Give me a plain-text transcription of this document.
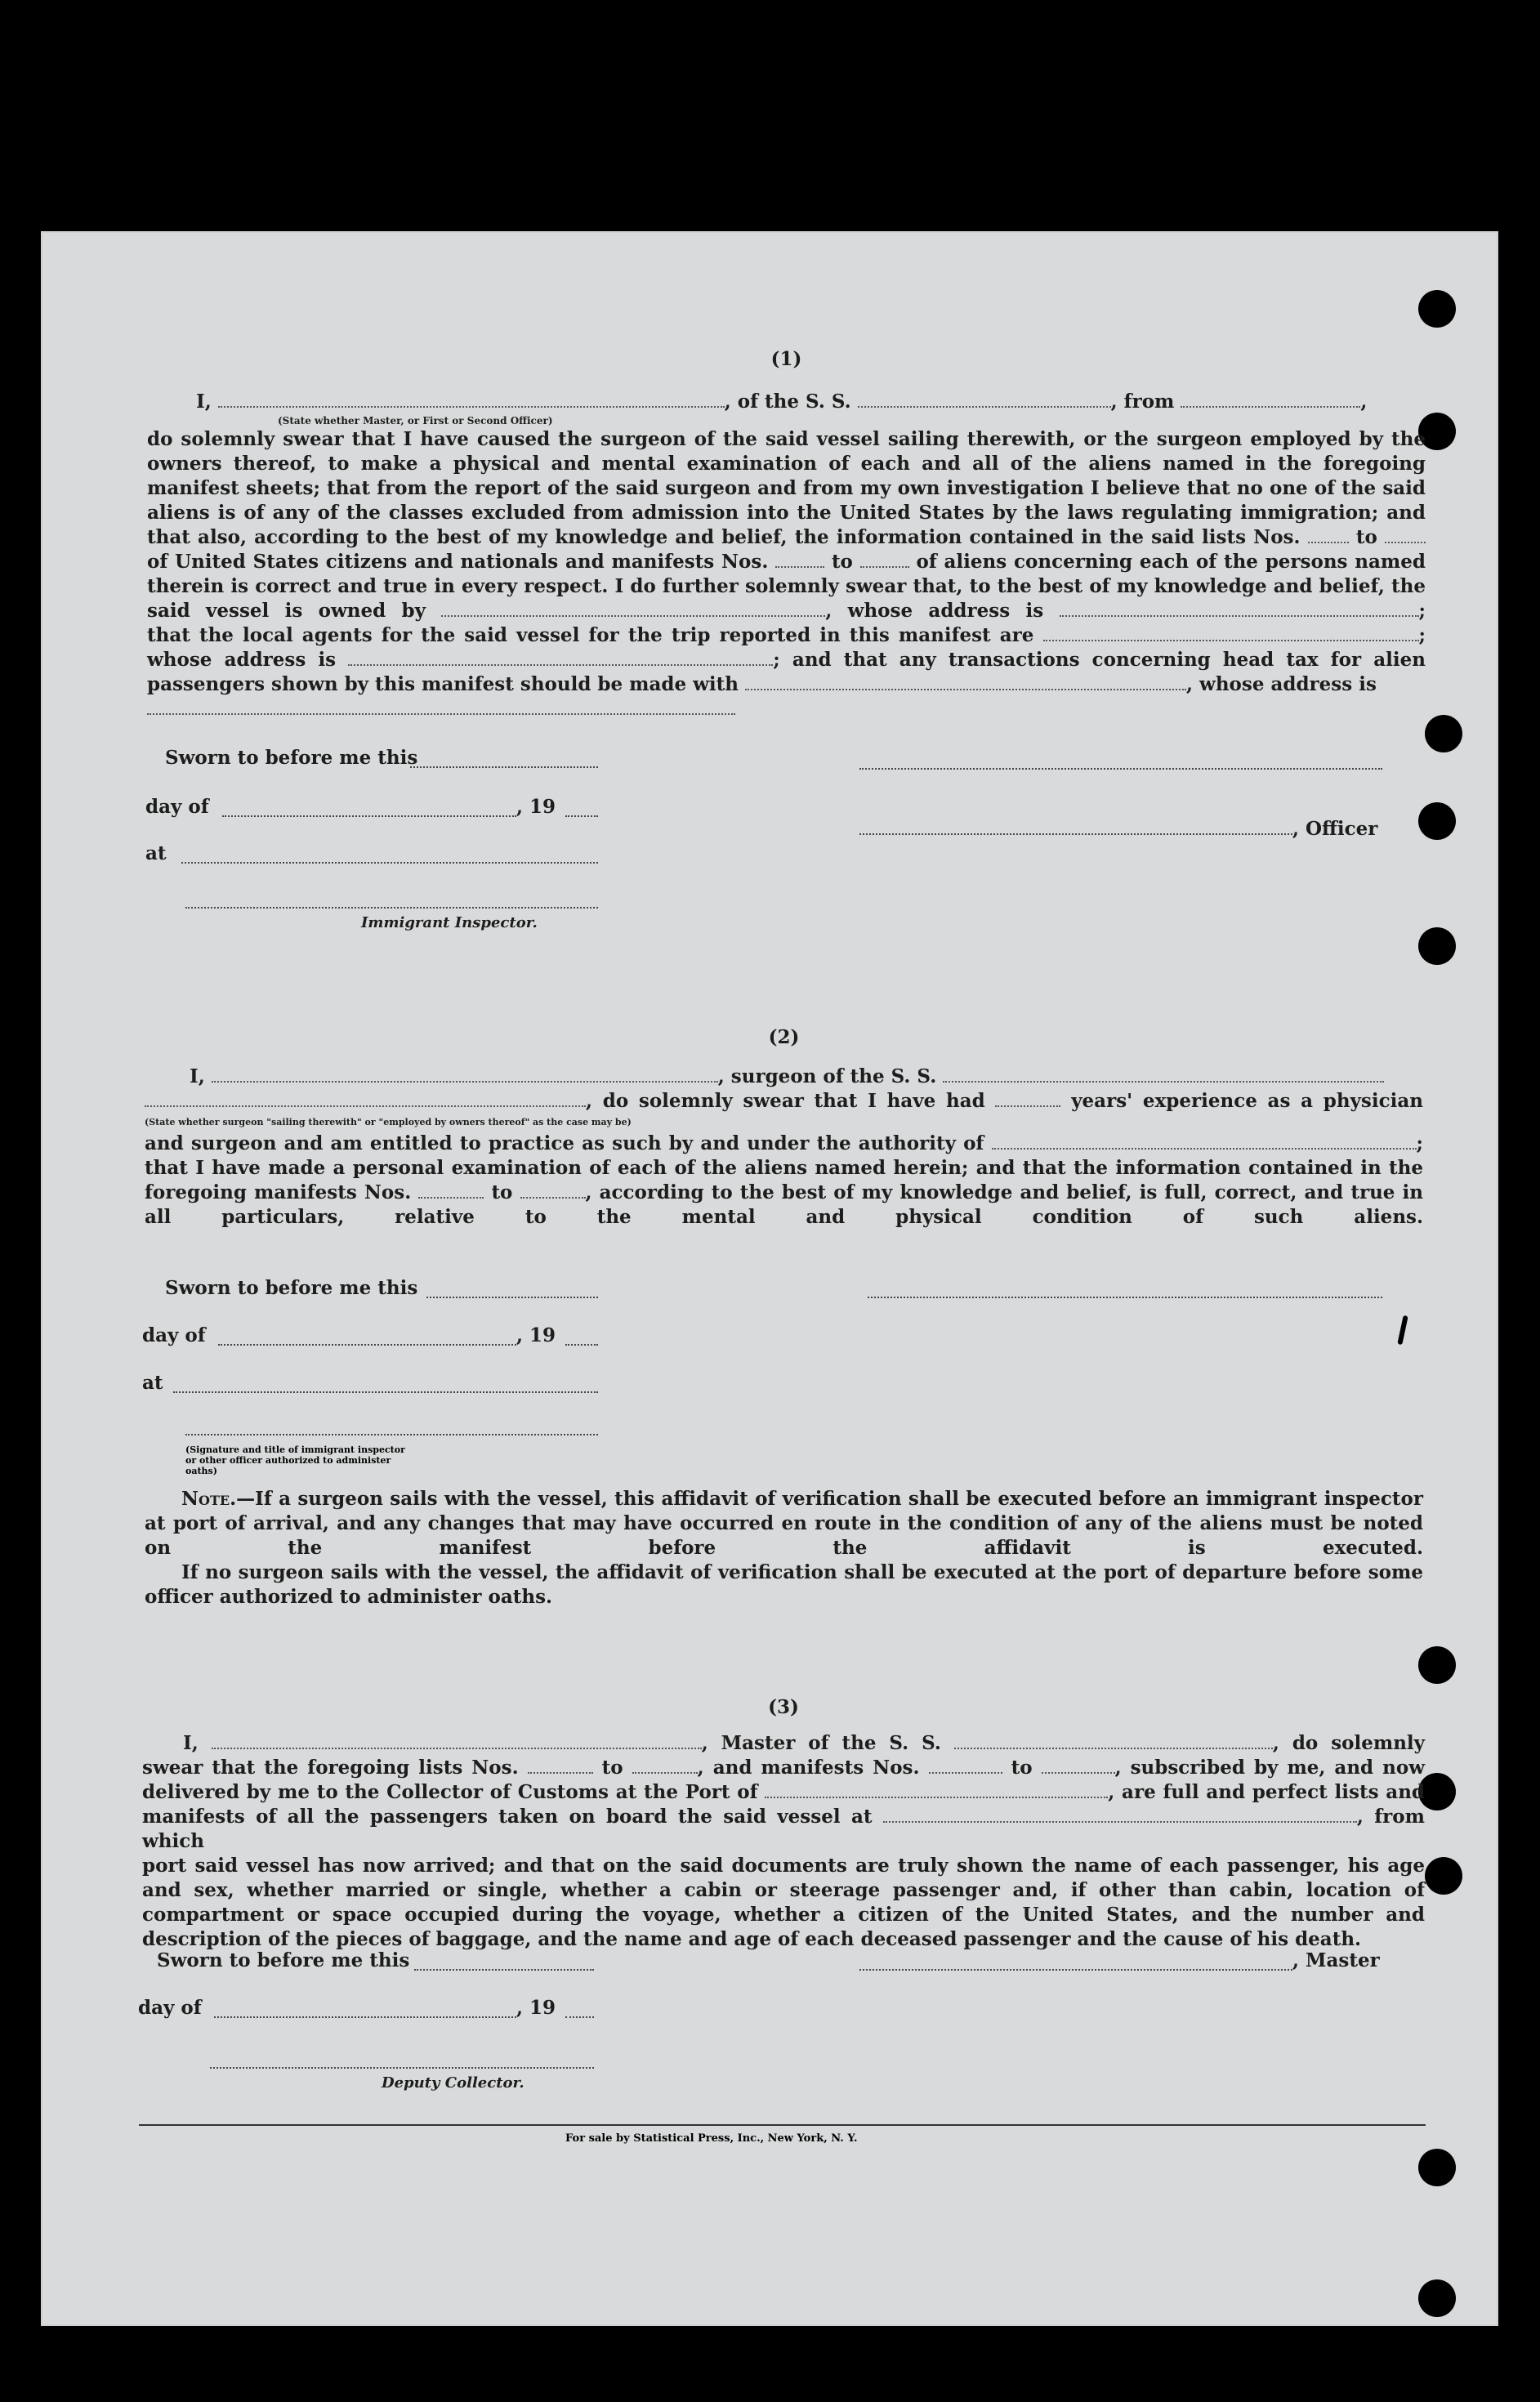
(1)

I,	, of the S. S.	, from	,

(State whether Master, or First or Second Officer)

do solemnly swear that I have caused the surgeon of the said vessel sailing therewith, or the surgeon employed by the owners thereof, to make a physical and mental examination of each and all of the aliens named in the foregoing manifest sheets; that from the report of the said surgeon and from my own investigation I believe that no one of the said aliens is of any of the classes excluded from admission into the United States by the laws regulating immigration; and that also, according to the best of my knowledge and belief, the information contained in the said lists Nos.	to

of United States citizens and nationals and manifests Nos.	to	of aliens concerning each of the persons named therein is correct and true in every respect. I do further solemnly swear that, to the best of my knowledge and belief, the said vessel is owned by	, whose address is	;

that the local agents for the said vessel for the trip reported in this manifest are	;

whose address is	; and that any transactions concerning head tax for alien passengers shown by this manifest should be made with	, whose address is

Sworn to before me this
day of	, 19
at
Immigrant Inspector.
, Officer
(2)

I,	, surgeon of the S. S.

, do solemnly swear that I have had	years' experience as a physician

(State whether surgeon "sailing therewith" or "employed by owners thereof" as the case may be)

and surgeon and am entitled to practice as such by and under the authority of	;

that I have made a personal examination of each of the aliens named herein; and that the information contained in the foregoing manifests Nos.	to	, according to the best of my knowledge and belief, is full, correct, and true in all particulars, relative to the mental and physical condition of such aliens.

Sworn to before me this
day of	, 19
at
(Signature and title of immigrant inspector or other officer authorized to administer oaths)

Note.—If a surgeon sails with the vessel, this affidavit of verification shall be executed before an immigrant inspector at port of arrival, and any changes that may have occurred en route in the condition of any of the aliens must be noted on the manifest before the affidavit is executed.

If no surgeon sails with the vessel, the affidavit of verification shall be executed at the port of departure before some officer authorized to administer oaths.

(3)

I,	, Master of the S. S.	, do solemnly

swear that the foregoing lists Nos.	to	, and manifests Nos.	to	, subscribed by me, and now

delivered by me to the Collector of Customs at the Port of	, are full and perfect lists and

manifests of all the passengers taken on board the said vessel at	, from which

port said vessel has now arrived; and that on the said documents are truly shown the name of each passenger, his age and sex, whether married or single, whether a cabin or steerage passenger and, if other than cabin, location of compartment or space occupied during the voyage, whether a citizen of the United States, and the number and description of the pieces of baggage, and the name and age of each deceased passenger and the cause of his death.

Sworn to before me this	, Master
day of	, 19
Deputy Collector.
For sale by Statistical Press, Inc., New York, N. Y.
